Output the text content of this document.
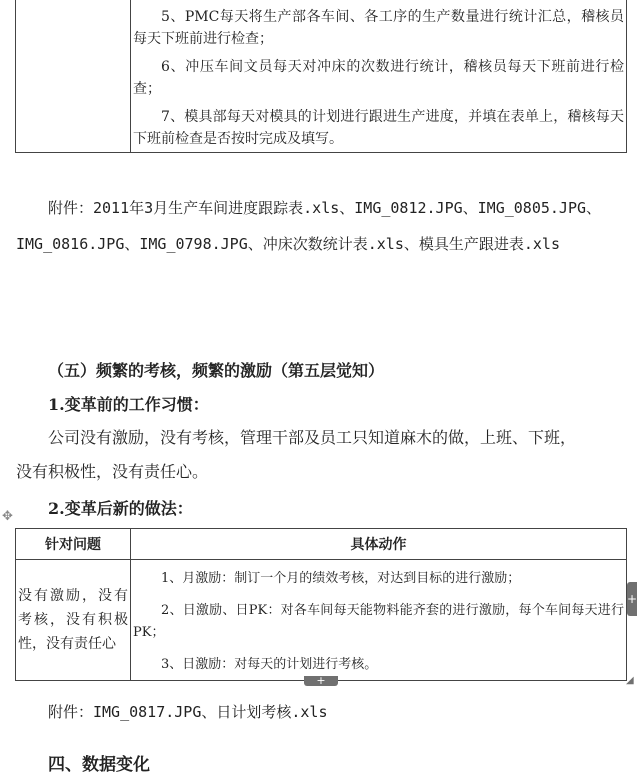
5、PMC每天将生产部各车间、各工序的生产数量进行统计汇总，稽核员每天下班前进行检查；

6、冲压车间文员每天对冲床的次数进行统计，稽核员每天下班前进行检查；

7、模具部每天对模具的计划进行跟进生产进度，并填在表单上，稽核每天下班前检查是否按时完成及填写。

附件：2011年3月生产车间进度跟踪表.xls、IMG_0812.JPG、IMG_0805.JPG、
IMG_0816.JPG、IMG_0798.JPG、冲床次数统计表.xls、模具生产跟进表.xls
（五）频繁的考核，频繁的激励（第五层觉知）
1.变革前的工作习惯：
公司没有激励，没有考核，管理干部及员工只知道麻木的做，上班、下班，
没有积极性，没有责任心。
2.变革后新的做法：
✥
针对问题	具体动作
没有激励，没有考核，没有积极性，没有责任心	1、月激励：制订一个月的绩效考核，对达到目标的进行激励；

2、日激励、日PK：对各车间每天能物料能齐套的进行激励，每个车间每天进行PK；

3、日激励：对每天的计划进行考核。

+
+	◢
附件：IMG_0817.JPG、日计划考核.xls
四、数据变化
